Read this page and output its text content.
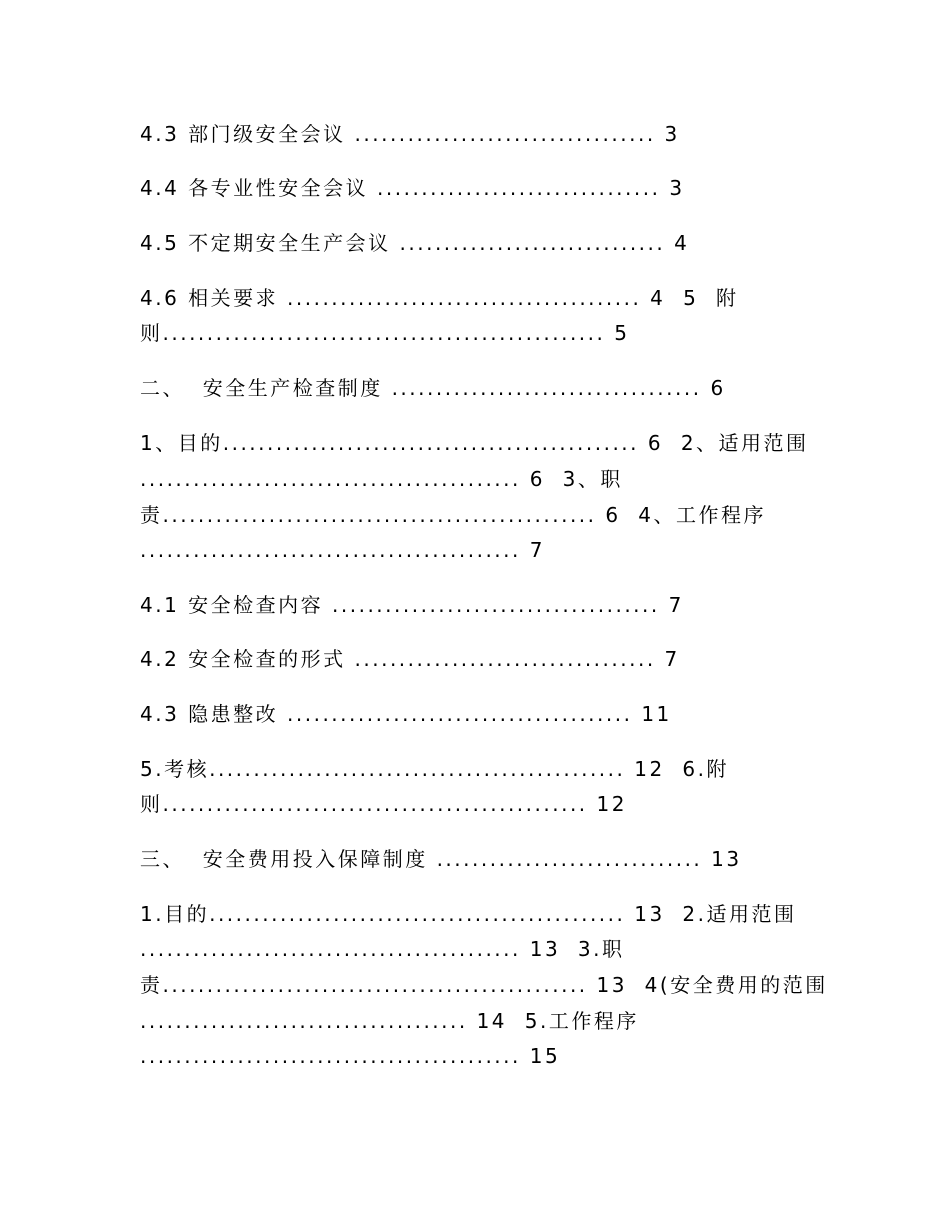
4.3 部门级安全会议 .................................. 3
4.4 各专业性安全会议 ................................ 3
4.5 不定期安全生产会议 .............................. 4
4.6 相关要求 ........................................ 4  5  附
则.................................................. 5
二、  安全生产检查制度 ................................... 6
1、目的............................................... 6  2、适用范围
........................................... 6  3、职
责................................................. 6  4、工作程序
........................................... 7
4.1 安全检查内容 ..................................... 7
4.2 安全检查的形式 .................................. 7
4.3 隐患整改 ....................................... 11
5.考核............................................... 12  6.附
则................................................ 12
三、  安全费用投入保障制度 .............................. 13
1.目的............................................... 13  2.适用范围
........................................... 13  3.职
责................................................ 13  4(安全费用的范围
..................................... 14  5.工作程序
........................................... 15
